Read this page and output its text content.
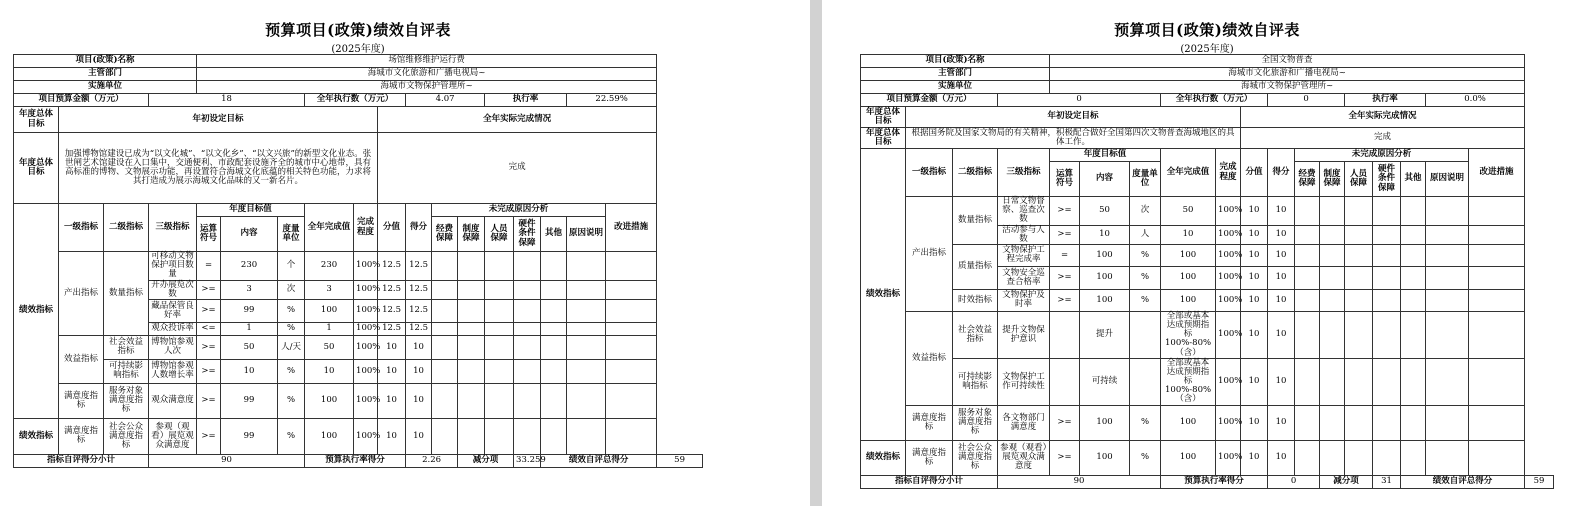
预算项目(政策)绩效自评表
(2025年度)
项目(政策)名称				场馆维修维护运行费														
主管部门				海城市文化旅游和广播电视局~														
实施单位				海城市文物保护管理所~														
项目预算金额（万元）			18				全年执行数（万元）			4.07			执行率			22.59%		
年度总体目标	年初设定目标								全年实际完成情况									
年度总体目标	加强博物馆建设已成为“以文化城”、“以文化乡”、“以文兴旅”的新型文化业态。张世闸艺术馆建设在入口集中，交通便利、市政配套设施齐全的城市中心地带，具有高标准的博物、文物展示功能，再设置符合海城文化底蕴的相关特色功能，力求将其打造成为展示海城文化品味的又一新名片。								完成									
绩效指标	一级指标	二级指标	三级指标	年度目标值			全年完成值	完成程度	分值	得分	未完成原因分析						改进措施	
				运算符号	内容	度量单位					经费保障	制度保障	人员保障	硬件条件保障	其他	原因说明		

	产出指标	数量指标	可移动文物保护项目数量	=	230	个	230	100%	12.5	12.5								
			开办展览次数	>=	3	次	3	100%	12.5	12.5								
			藏品保管良好率	>=	99	%	100	100%	12.5	12.5								
			观众投诉率	<=	1	%	1	100%	12.5	12.5								
	效益指标	社会效益指标	博物馆参观人次	>=	50	人/天	50	100%	10	10								
		可持续影响指标	博物馆参观人数增长率	>=	10	%	10	100%	10	10								
	满意度指标	服务对象满意度指标	观众满意度	>=	99	%	100	100%	10	10								
绩效指标	满意度指标	社会公众满意度指标	参观（观看）展览观众满意度	>=	99	%	100	100%	10	10								
指标自评得分小计			90				预算执行率得分			2.26		减分项		33.259	绩效自评总得分			59
预算项目(政策)绩效自评表
(2025年度)
项目(政策)名称				全国文物普查														
主管部门				海城市文化旅游和广播电视局~														
实施单位				海城市文物保护管理所~														
项目预算金额（万元）			0				全年执行数（万元）			0			执行率			0.0%		
年度总体目标	年初设定目标								全年实际完成情况									
年度总体目标	根据国务院及国家文物局的有关精神，积极配合做好全国第四次文物普查海城地区的具体工作。								完成									
绩效指标	一级指标	二级指标	三级指标	年度目标值			全年完成值	完成程度	分值	得分	未完成原因分析						改进措施	
				运算符号	内容	度量单位					经费保障	制度保障	人员保障	硬件条件保障	其他	原因说明		

	产出指标	数量指标	日常文物督察、巡查次数	>=	50	次	50	100%	10	10								
			活动参与人数	>=	10	人	10	100%	10	10								
		质量指标	文物保护工程完成率	=	100	%	100	100%	10	10								
			文物安全巡查合格率	>=	100	%	100	100%	10	10								
		时效指标	文物保护及时率	>=	100	%	100	100%	10	10								
	效益指标	社会效益指标	提升文物保护意识		提升		全部或基本达成预期指标100%-80%（含）	100%	10	10								
		可持续影响指标	文物保护工作可持续性		可持续		全部或基本达成预期指标100%-80%（含）	100%	10	10								
	满意度指标	服务对象满意度指标	各文物部门满意度	>=	100	%	100	100%	10	10								
绩效指标	满意度指标	社会公众满意度指标	参观（观看）展览观众满意度	>=	100	%	100	100%	10	10								
指标自评得分小计			90				预算执行率得分			0		减分项		31	绩效自评总得分			59
